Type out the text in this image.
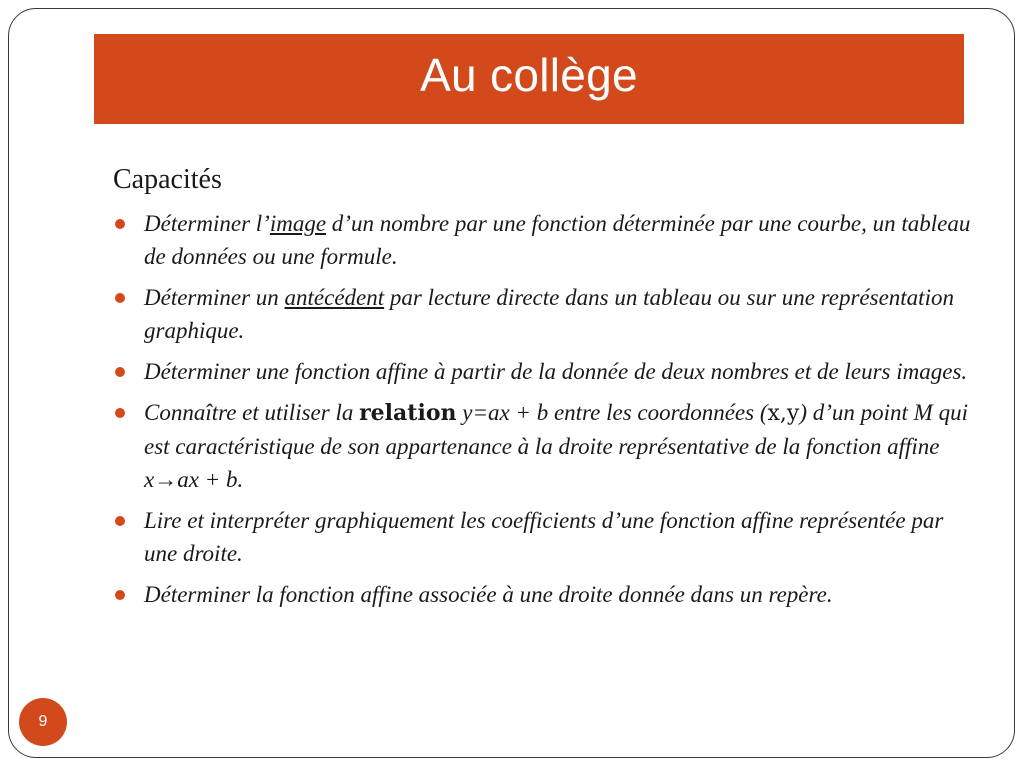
Au collège
Capacités
Déterminer l’image d’un nombre par une fonction déterminée par une courbe, un tableau de données ou une formule.
Déterminer un antécédent par lecture directe dans un tableau ou sur une représentation graphique.
Déterminer une fonction affine à partir de la donnée de deux nombres et de leurs images.
Connaître et utiliser la relation y=ax + b entre les coordonnées (x,y) d’un point M qui est caractéristique de son appartenance à la droite représentative de la fonction affine x→ax + b.
Lire et interpréter graphiquement les coefficients d’une fonction affine représentée par une droite.
Déterminer la fonction affine associée à une droite donnée dans un repère.
9
